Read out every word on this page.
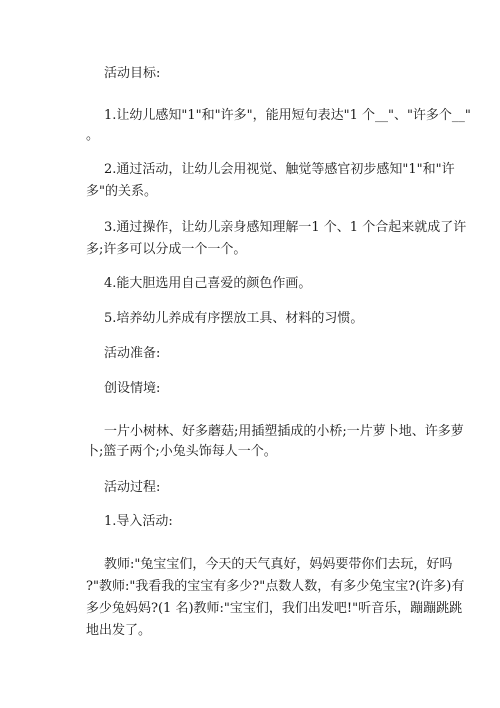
活动目标:

1.让幼儿感知"1"和"许多"，能用短句表达"1 个__"、"许多个__"

。

2.通过活动，让幼儿会用视觉、触觉等感官初步感知"1"和"许

多"的关系。

3.通过操作，让幼儿亲身感知理解一1 个、1 个合起来就成了许

多;许多可以分成一个一个。

4.能大胆选用自己喜爱的颜色作画。

5.培养幼儿养成有序摆放工具、材料的习惯。

活动准备:

创设情境:

一片小树林、好多蘑菇;用插塑插成的小桥;一片萝卜地、许多萝

卜;篮子两个;小兔头饰每人一个。

活动过程:

1.导入活动:

教师:"兔宝宝们，今天的天气真好，妈妈要带你们去玩，好吗

?"教师:"我看我的宝宝有多少?"点数人数，有多少兔宝宝?(许多)有

多少兔妈妈?(1 名)教师:"宝宝们，我们出发吧!"听音乐，蹦蹦跳跳

地出发了。
